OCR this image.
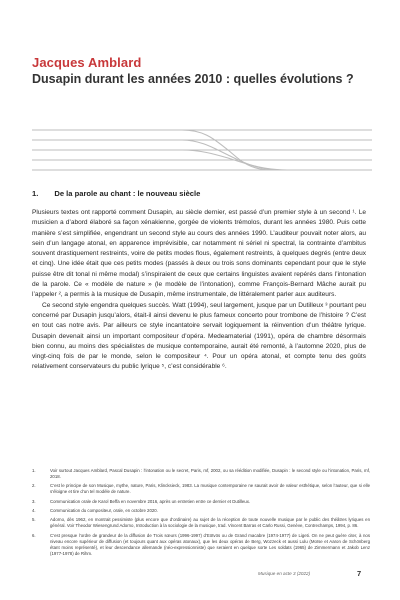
Jacques Amblard
Dusapin durant les années 2010 : quelles évolutions ?
1. De la parole au chant : le nouveau siècle

Plusieurs textes ont rapporté comment Dusapin, au siècle dernier, est passé d’un premier style à un second ¹. Le musicien a d’abord élaboré sa façon xénakienne, gorgée de violents trémolos, durant les années 1980. Puis cette manière s’est simplifiée, engendrant un second style au cours des années 1990. L’auditeur pouvait noter alors, au sein d’un langage atonal, en apparence imprévisible, car notamment ni sériel ni spectral, la contrainte d’ambitus souvent drastiquement restreints, voire de petits modes flous, également restreints, à quelques degrés (entre deux et cinq). Une idée était que ces petits modes (passés à deux ou trois sons dominants cependant pour que le style puisse être dit tonal ni même modal) s’inspiraient de ceux que certains linguistes avaient repérés dans l’intonation de la parole. Ce « modèle de nature » (le modèle de l’intonation), comme François-Bernard Mâche aurait pu l’appeler ², a permis à la musique de Dusapin, même instrumentale, de littéralement parler aux auditeurs.

Ce second style engendra quelques succès. Watt (1994), seul largement, jusque par un Dutilleux ³ pourtant peu concerné par Dusapin jusqu’alors, était-il ainsi devenu le plus fameux concerto pour trombone de l’histoire ? C’est en tout cas notre avis. Par ailleurs ce style incantatoire servait logiquement la réinvention d’un théâtre lyrique. Dusapin devenait ainsi un important compositeur d’opéra. Medeamaterial (1991), opéra de chambre désormais bien connu, au moins des spécialistes de musique contemporaine, aurait été remonté, à l’automne 2020, plus de vingt-cinq fois de par le monde, selon le compositeur ⁴. Pour un opéra atonal, et compte tenu des goûts relativement conservateurs du public lyrique ⁵, c’est considérable ⁶.

1.	Voir surtout Jacques Amblard, Pascal Dusapin : l’intonation ou le secret, Paris, mf, 2002, ou sa réédition modifiée, Dusapin : le second style ou l’intonation, Paris, mf, 2018.
2.	C’est le principe de son Musique, mythe, nature, Paris, Klincksieck, 1983. La musique contemporaine ne saurait avoir de valeur esthétique, selon l’auteur, que si elle s’éloigne et tire d’un tel modèle de nature.
3.	Communication orale de Karol Beffa en novembre 2016, après un entretien entre ce dernier et Dutilleux.
4.	Communication du compositeur, orale, en octobre 2020.
5.	Adorno, dès 1962, en montrait pessimiste (plus encore que d’ordinaire) au sujet de la réception de toute nouvelle musique par le public des théâtres lyriques en général. Voir Theodor Wiesengrund Adorno, Introduction à la sociologie de la musique, trad. Vincent Barras et Carlo Russi, Genève, Contrechamps, 1994, p. 86.
6.	C’est presque l’ordre de grandeur de la diffusion de Trois sœurs (1996-1997) d’Eötvös ou de Grand macabre (1974-1977) de Ligeti. On ne peut guère citer, à nos niveau encore supérieur de diffusion (et toujours quant aux opéras atonaux), que les deux opéras de Berg, Wozzeck et aussi Lulu (Moïse et Aaron de Schönberg étant moins représenté), et leur descendance allemande (néo-expressionniste) que seraient en quelque sorte Les soldats (1965) de Zimmermann et Jakob Lenz (1977-1978) de Rihm.
Musique en acte 3 (2022)	7
